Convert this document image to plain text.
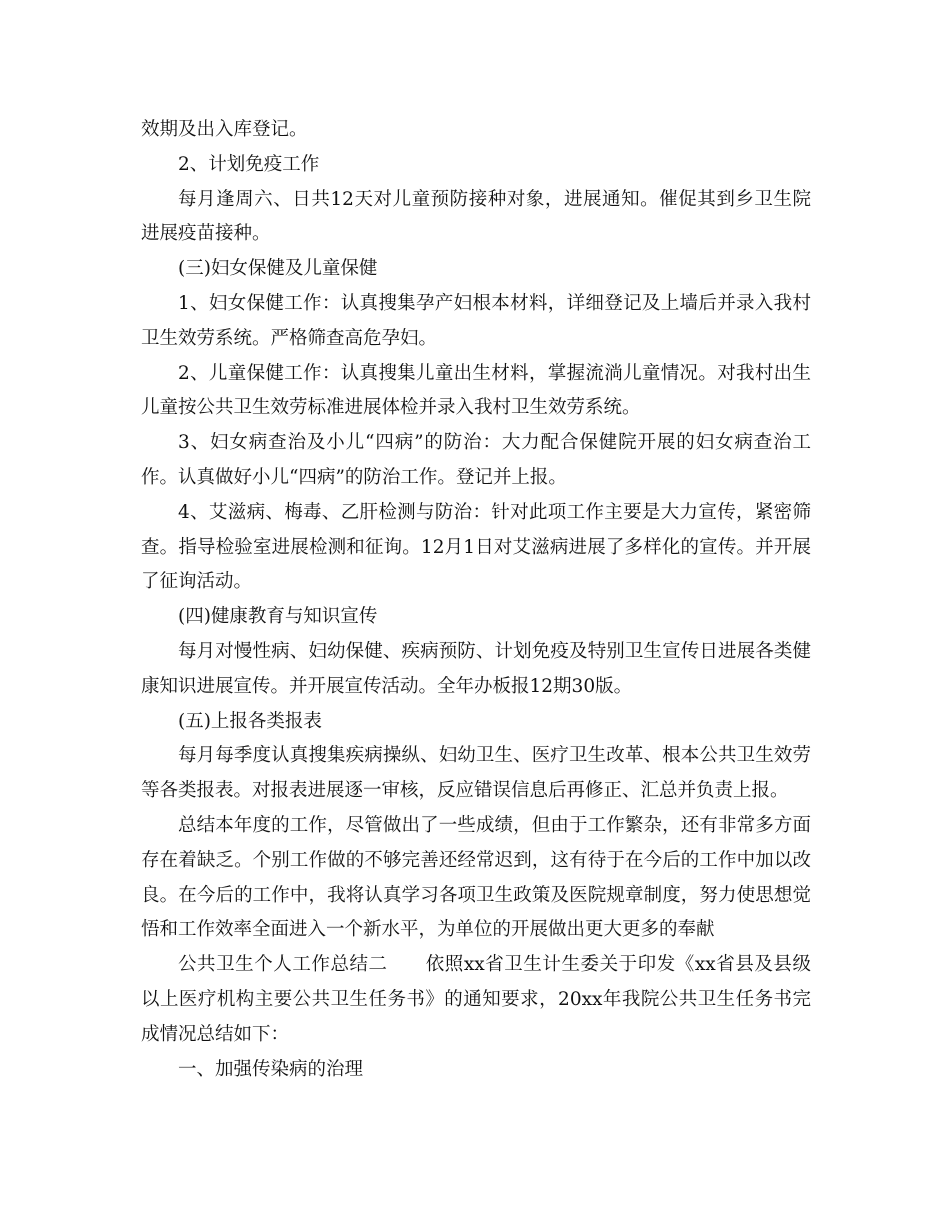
效期及出入库登记。

2、计划免疫工作

每月逢周六、日共12天对儿童预防接种对象，进展通知。催促其到乡卫生院进展疫苗接种。

(三)妇女保健及儿童保健

1、妇女保健工作：认真搜集孕产妇根本材料，详细登记及上墙后并录入我村卫生效劳系统。严格筛查高危孕妇。

2、儿童保健工作：认真搜集儿童出生材料，掌握流淌儿童情况。对我村出生儿童按公共卫生效劳标准进展体检并录入我村卫生效劳系统。

3、妇女病查治及小儿“四病”的防治：大力配合保健院开展的妇女病查治工作。认真做好小儿“四病”的防治工作。登记并上报。

4、艾滋病、梅毒、乙肝检测与防治：针对此项工作主要是大力宣传，紧密筛查。指导检验室进展检测和征询。12月1日对艾滋病进展了多样化的宣传。并开展了征询活动。

(四)健康教育与知识宣传

每月对慢性病、妇幼保健、疾病预防、计划免疫及特别卫生宣传日进展各类健康知识进展宣传。并开展宣传活动。全年办板报12期30版。

(五)上报各类报表

每月每季度认真搜集疾病操纵、妇幼卫生、医疗卫生改革、根本公共卫生效劳等各类报表。对报表进展逐一审核，反应错误信息后再修正、汇总并负责上报。

总结本年度的工作，尽管做出了一些成绩，但由于工作繁杂，还有非常多方面存在着缺乏。个别工作做的不够完善还经常迟到，这有待于在今后的工作中加以改良。在今后的工作中，我将认真学习各项卫生政策及医院规章制度，努力使思想觉悟和工作效率全面进入一个新水平，为单位的开展做出更大更多的奉献

公共卫生个人工作总结二　　依照xx省卫生计生委关于印发《xx省县及县级以上医疗机构主要公共卫生任务书》的通知要求，20xx年我院公共卫生任务书完成情况总结如下：

一、加强传染病的治理
